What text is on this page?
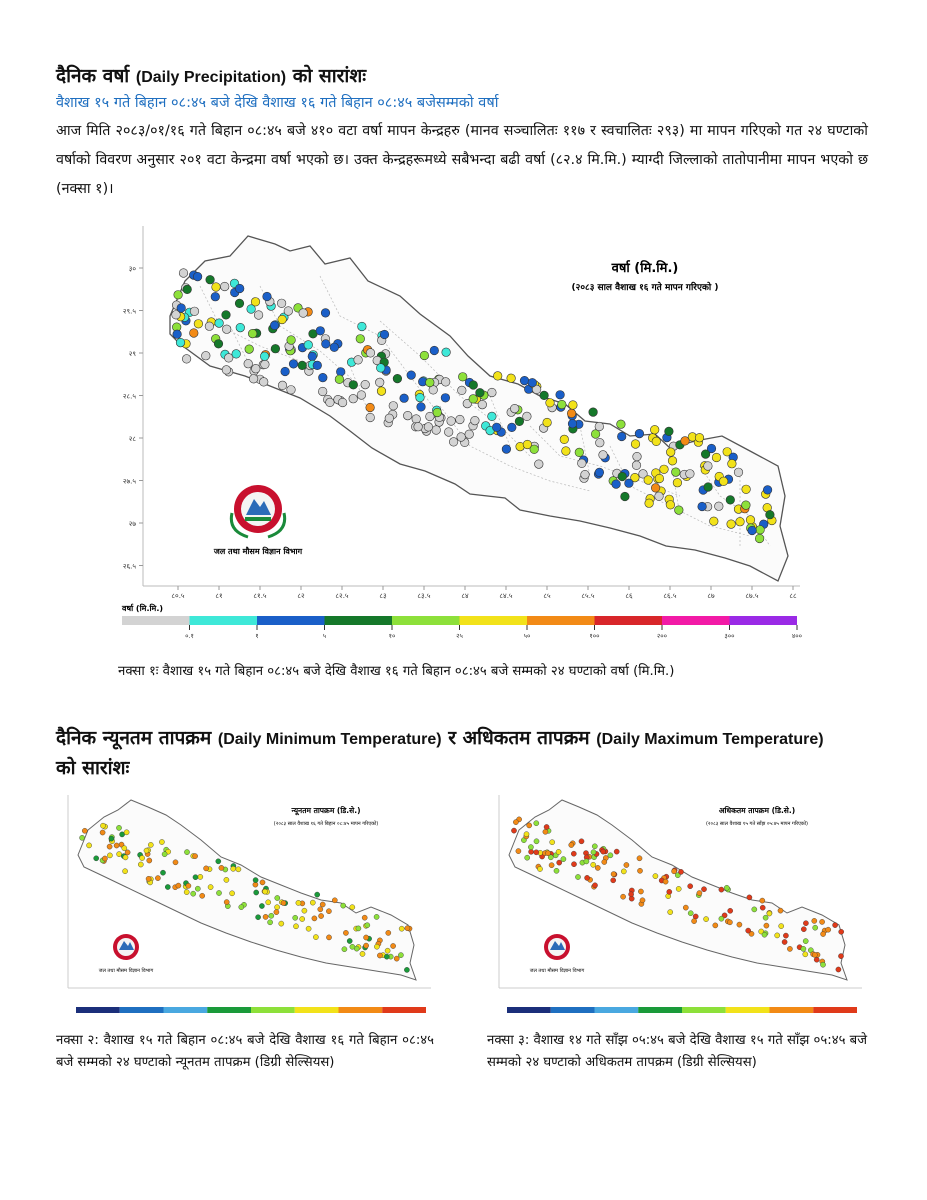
दैनिक वर्षा (Daily Precipitation) को सारांशः
वैशाख १५ गते बिहान ०८:४५ बजे देखि वैशाख १६ गते बिहान ०८:४५ बजेसम्मको वर्षा
आज मिति २०८३/०१/१६ गते बिहान ०८:४५ बजे ४१० वटा वर्षा मापन केन्द्रहरु (मानव सञ्चालितः ११७ र स्वचालितः २९३) मा मापन गरिएको गत २४ घण्टाको वर्षाको विवरण अनुसार २०१ वटा केन्द्रमा वर्षा भएको छ। उक्त केन्द्रहरूमध्ये सबैभन्दा बढी वर्षा (८२.४ मि.मि.) म्याग्दी जिल्लाको तातोपानीमा मापन भएको छ (नक्सा १)।
३०
२९.५
२९
२८.५
२८
२७.५
२७
२६.५
८०.५	८१	८१.५	८२	८२.५	८३	८३.५	८४	८४.५	८५	८५.५	८६	८६.५	८७	८७.५	८८
वर्षा (मि.मि.)
(२०८३ साल वैशाख १६ गते मापन गरिएको )
जल तथा मौसम विज्ञान विभाग
वर्षा (मि.मि.)
०.१	१	५	१०	२५	५०	१००	२००	३००	४००
नक्सा १ः वैशाख १५ गते बिहान ०८:४५ बजे देखि वैशाख १६ गते बिहान ०८:४५ बजे सम्मको २४ घण्टाको वर्षा (मि.मि.)
दैनिक न्यूनतम तापक्रम (Daily Minimum Temperature) र अधिकतम तापक्रम (Daily Maximum Temperature)
को सारांशः
न्यूनतम तापक्रम (डि.से.)
(२०८३ साल वैशाख १६ गते बिहान ०८:४५ मापन गरिएको)
जल तथा मौसम विज्ञान विभाग
अधिकतम तापक्रम (डि.से.)
(२०८३ साल वैशाख १५ गते साँझ ०५:४५ मापन गरिएको)
जल तथा मौसम विज्ञान विभाग
नक्सा २: वैशाख १५ गते बिहान ०८:४५ बजे देखि वैशाख १६ गते बिहान ०८:४५ बजे सम्मको २४ घण्टाको न्यूनतम तापक्रम (डिग्री सेल्सियस)
नक्सा ३: वैशाख १४ गते साँझ ०५:४५ बजे देखि वैशाख १५ गते साँझ ०५:४५ बजे सम्मको २४ घण्टाको अधिकतम तापक्रम (डिग्री सेल्सियस)
